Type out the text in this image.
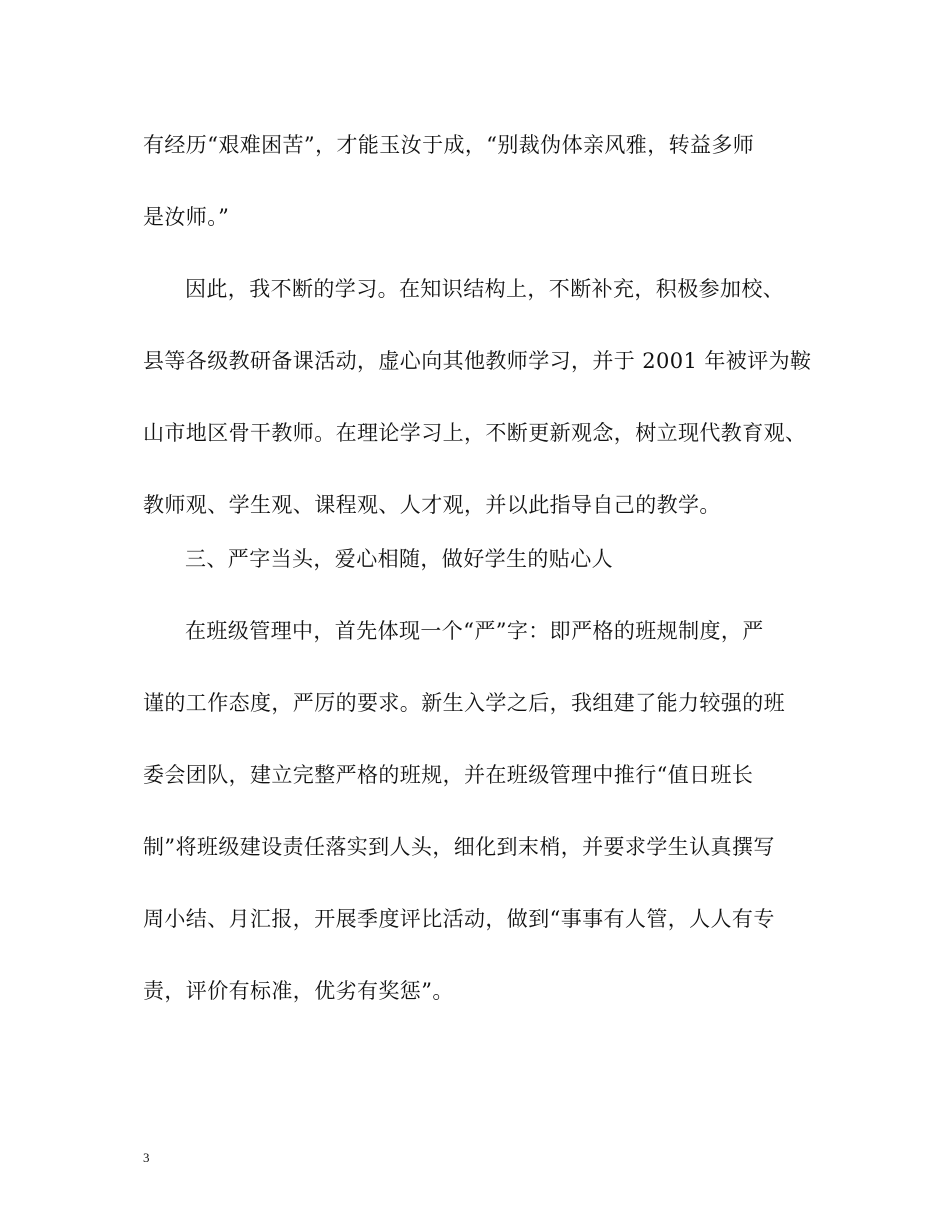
有经历“艰难困苦”，才能玉汝于成，“别裁伪体亲风雅，转益多师
是汝师。”
因此，我不断的学习。在知识结构上，不断补充，积极参加校、
县等各级教研备课活动，虚心向其他教师学习，并于 2001 年被评为鞍
山市地区骨干教师。在理论学习上，不断更新观念，树立现代教育观、
教师观、学生观、课程观、人才观，并以此指导自己的教学。
三、严字当头，爱心相随，做好学生的贴心人
在班级管理中，首先体现一个“严”字：即严格的班规制度，严
谨的工作态度，严厉的要求。新生入学之后，我组建了能力较强的班
委会团队，建立完整严格的班规，并在班级管理中推行“值日班长
制”将班级建设责任落实到人头，细化到末梢，并要求学生认真撰写
周小结、月汇报，开展季度评比活动，做到“事事有人管，人人有专
责，评价有标准，优劣有奖惩”。
3
